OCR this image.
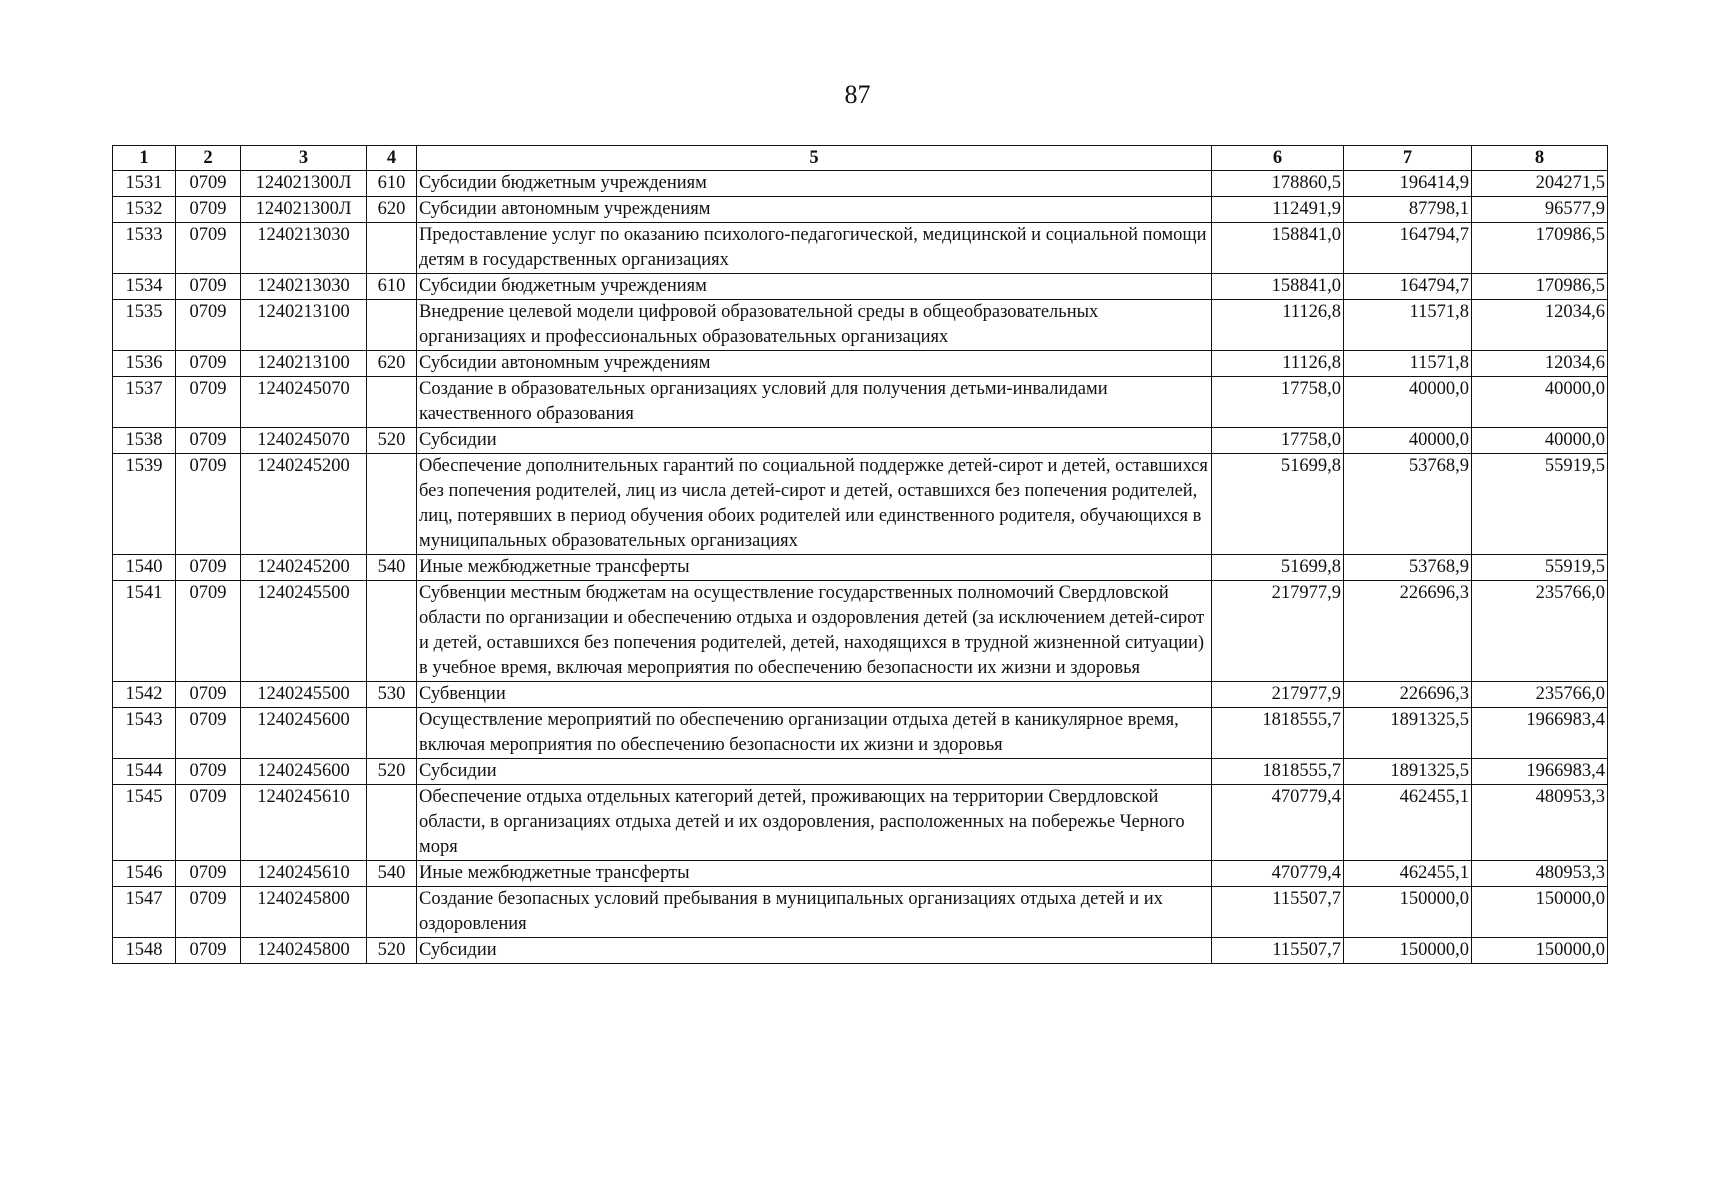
87
1	2	3	4	5	6	7	8
1531	0709	124021300Л	610	Субсидии бюджетным учреждениям	178860,5	196414,9	204271,5
1532	0709	124021300Л	620	Субсидии автономным учреждениям	112491,9	87798,1	96577,9
1533	0709	1240213030		Предоставление услуг по оказанию психолого-педагогической, медицинской и социальной помощи детям в государственных организациях	158841,0	164794,7	170986,5
1534	0709	1240213030	610	Субсидии бюджетным учреждениям	158841,0	164794,7	170986,5
1535	0709	1240213100		Внедрение целевой модели цифровой образовательной среды в общеобразовательных организациях и профессиональных образовательных организациях	11126,8	11571,8	12034,6
1536	0709	1240213100	620	Субсидии автономным учреждениям	11126,8	11571,8	12034,6
1537	0709	1240245070		Создание в образовательных организациях условий для получения детьми-инвалидами качественного образования	17758,0	40000,0	40000,0
1538	0709	1240245070	520	Субсидии	17758,0	40000,0	40000,0
1539	0709	1240245200		Обеспечение дополнительных гарантий по социальной поддержке детей-сирот и детей, оставшихся без попечения родителей, лиц из числа детей-сирот и детей, оставшихся без попечения родителей, лиц, потерявших в период обучения обоих родителей или единственного родителя, обучающихся в муниципальных образовательных организациях	51699,8	53768,9	55919,5
1540	0709	1240245200	540	Иные межбюджетные трансферты	51699,8	53768,9	55919,5
1541	0709	1240245500		Субвенции местным бюджетам на осуществление государственных полномочий Свердловской области по организации и обеспечению отдыха и оздоровления детей (за исключением детей-сирот и детей, оставшихся без попечения родителей, детей, находящихся в трудной жизненной ситуации) в учебное время, включая мероприятия по обеспечению безопасности их жизни и здоровья	217977,9	226696,3	235766,0
1542	0709	1240245500	530	Субвенции	217977,9	226696,3	235766,0
1543	0709	1240245600		Осуществление мероприятий по обеспечению организации отдыха детей в каникулярное время, включая мероприятия по обеспечению безопасности их жизни и здоровья	1818555,7	1891325,5	1966983,4
1544	0709	1240245600	520	Субсидии	1818555,7	1891325,5	1966983,4
1545	0709	1240245610		Обеспечение отдыха отдельных категорий детей, проживающих на территории Свердловской области, в организациях отдыха детей и их оздоровления, расположенных на побережье Черного моря	470779,4	462455,1	480953,3
1546	0709	1240245610	540	Иные межбюджетные трансферты	470779,4	462455,1	480953,3
1547	0709	1240245800		Создание безопасных условий пребывания в муниципальных организациях отдыха детей и их оздоровления	115507,7	150000,0	150000,0
1548	0709	1240245800	520	Субсидии	115507,7	150000,0	150000,0
